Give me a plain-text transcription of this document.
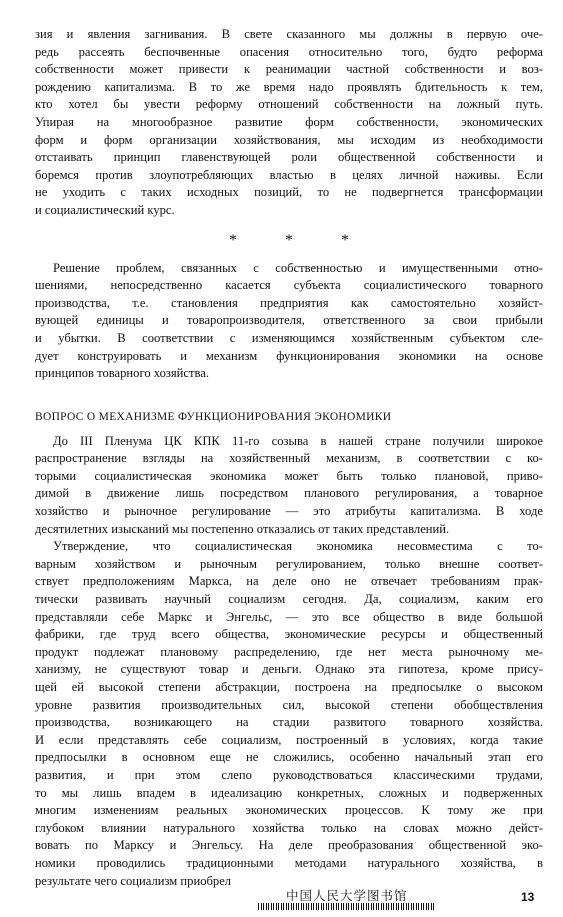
зия и явления загнивания. В свете сказанного мы должны в первую оче-
редь рассеять беспочвенные опасения относительно того, будто реформа
собственности может привести к реанимации частной собственности и воз-
рождению капитализма. В то же время надо проявлять бдительность к тем,
кто хотел бы увести реформу отношений собственности на ложный путь.
Упирая на многообразное развитие форм собственности, экономических
форм и форм организации хозяйствования, мы исходим из необходимости
отстаивать принцип главенствующей роли общественной собственности и
боремся против злоупотребляющих властью в целях личной наживы. Если
не уходить с таких исходных позиций, то не подвергнется трансформации
и социалистический курс.
* * *
Решение проблем, связанных с собственностью и имущественными отно-
шениями, непосредственно касается субъекта социалистического товарного
производства, т.е. становления предприятия как самостоятельно хозяйст-
вующей единицы и товаропроизводителя, ответственного за свои прибыли
и убытки. В соответствии с изменяющимся хозяйственным субъектом сле-
дует конструировать и механизм функционирования экономики на основе
принципов товарного хозяйства.
ВОПРОС О МЕХАНИЗМЕ ФУНКЦИОНИРОВАНИЯ ЭКОНОМИКИ
До III Пленума ЦК КПК 11-го созыва в нашей стране получили широкое
распространение взгляды на хозяйственный механизм, в соответствии с ко-
торыми социалистическая экономика может быть только плановой, приво-
димой в движение лишь посредством планового регулирования, а товарное
хозяйство и рыночное регулирование — это атрибуты капитализма. В ходе
десятилетних изысканий мы постепенно отказались от таких представлений.
Утверждение, что социалистическая экономика несовместима с то-
варным хозяйством и рыночным регулированием, только внешне соответ-
ствует предположениям Маркса, на деле оно не отвечает требованиям прак-
тически развивать научный социализм сегодня. Да, социализм, каким его
представляли себе Маркс и Энгельс, — это все общество в виде большой
фабрики, где труд всего общества, экономические ресурсы и общественный
продукт подлежат плановому распределению, где нет места рыночному ме-
ханизму, не существуют товар и деньги. Однако эта гипотеза, кроме прису-
щей ей высокой степени абстракции, построена на предпосылке о высоком
уровне развития производительных сил, высокой степени обобществления
производства, возникающего на стадии развитого товарного хозяйства.
И если представлять себе социализм, построенный в условиях, когда такие
предпосылки в основном еще не сложились, особенно начальный этап его
развития, и при этом слепо руководствоваться классическими трудами,
то мы лишь впадем в идеализацию конкретных, сложных и подверженных
многим изменениям реальных экономических процессов. К тому же при
глубоком влиянии натурального хозяйства только на словах можно дейст-
вовать по Марксу и Энгельсу. На деле преобразования общественной эко-
номики проводились традиционными методами натурального хозяйства, в
результате чего социализм приобрел
中国人民大学图书馆	13
